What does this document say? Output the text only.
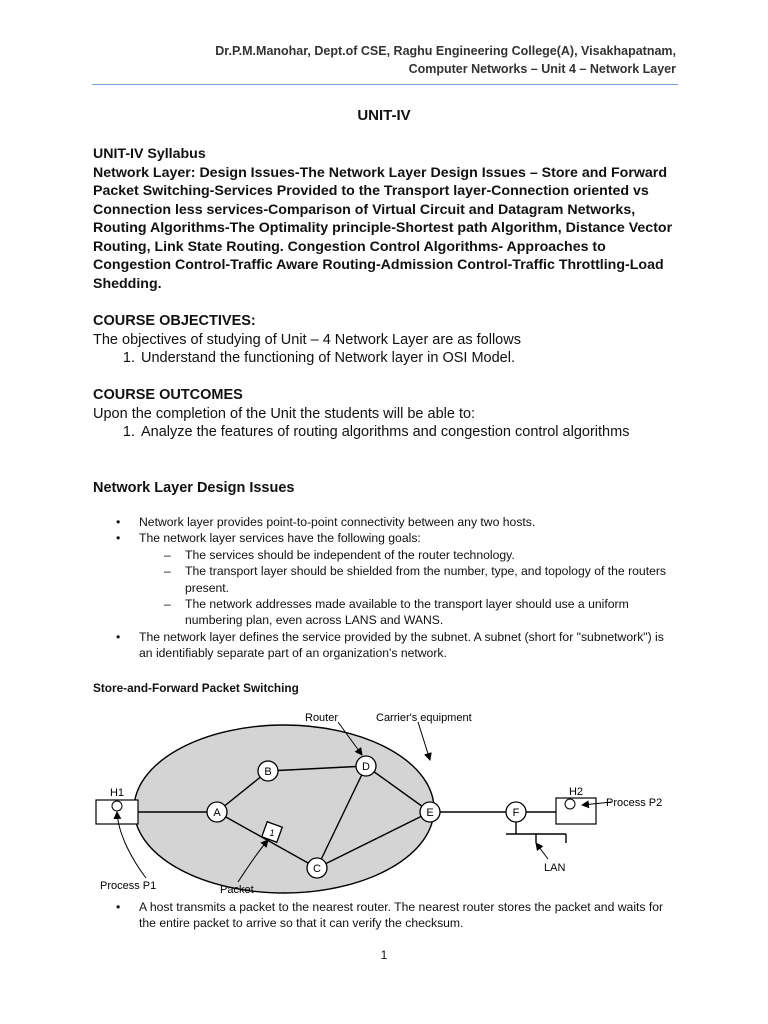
Dr.P.M.Manohar, Dept.of CSE, Raghu Engineering College(A), Visakhapatnam,
Computer Networks – Unit 4 – Network Layer
UNIT-IV
UNIT-IV Syllabus
Network Layer: Design Issues-The Network Layer Design Issues – Store and Forward Packet Switching-Services Provided to the Transport layer-Connection oriented vs Connection less services-Comparison of Virtual Circuit and Datagram Networks, Routing Algorithms-The Optimality principle-Shortest path Algorithm, Distance Vector Routing, Link State Routing. Congestion Control Algorithms- Approaches to Congestion Control-Traffic Aware Routing-Admission Control-Traffic Throttling-Load Shedding.
COURSE OBJECTIVES:
The objectives of studying of Unit – 4 Network Layer are as follows
1. Understand the functioning of Network layer in OSI Model.
COURSE OUTCOMES
Upon the completion of the Unit the students will be able to:
1. Analyze the features of routing algorithms and congestion control algorithms
Network Layer Design Issues
• Network layer provides point-to-point connectivity between any two hosts.
• The network layer services have the following goals:
– The services should be independent of the router technology.
– The transport layer should be shielded from the number, type, and topology of the routers present.
– The network addresses made available to the transport layer should use a uniform numbering plan, even across LANS and WANS.
• The network layer defines the service provided by the subnet. A subnet (short for "subnetwork") is an identifiably separate part of an organization's network.
Store-and-Forward Packet Switching
H1	H2
A
B
C
D
E	F
1
Router	Carrier's equipment
Process P1	Packet
Process P2
LAN
•	A host transmits a packet to the nearest router. The nearest router stores the packet and waits for the entire packet to arrive so that it can verify the checksum.
1
